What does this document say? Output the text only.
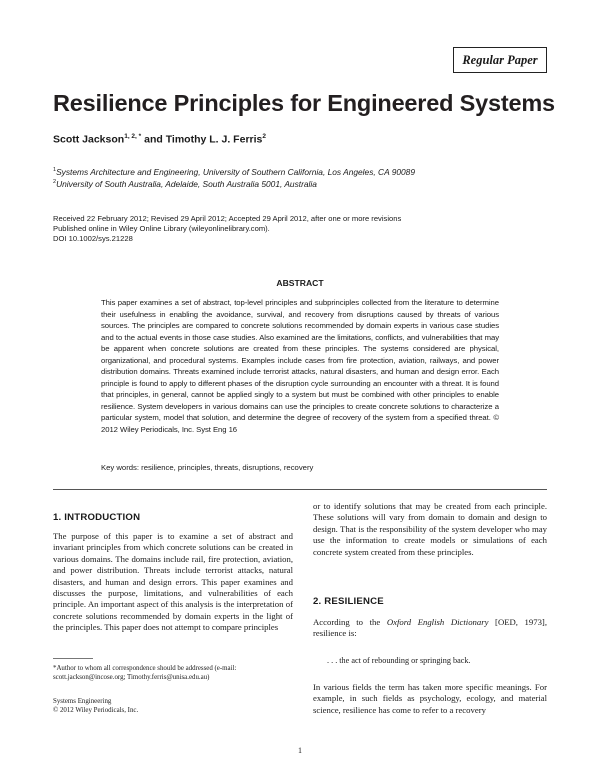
Regular Paper
Resilience Principles for Engineered Systems
Scott Jackson$^{1, 2, *}$ and Timothy L. J. Ferris$^2$
$^1$Systems Architecture and Engineering, University of Southern California, Los Angeles, CA 90089
$^2$University of South Australia, Adelaide, South Australia 5001, Australia
Received 22 February 2012; Revised 29 April 2012; Accepted 29 April 2012, after one or more revisions
Published online in Wiley Online Library (wileyonlinelibrary.com).
DOI 10.1002/sys.21228
ABSTRACT
This paper examines a set of abstract, top-level principles and subprinciples collected from the literature to determine their usefulness in enabling the avoidance, survival, and recovery from disruptions caused by threats of various sources. The principles are compared to concrete solutions recommended by domain experts in various case studies and to the actual events in those case studies. Also examined are the limitations, conflicts, and vulnerabilities that may be apparent when concrete solutions are created from these principles. The systems considered are physical, organizational, and procedural systems. Examples include cases from fire protection, aviation, railways, and power distribution domains. Threats examined include terrorist attacks, natural disasters, and human and design error. Each principle is found to apply to different phases of the disruption cycle surrounding an encounter with a threat. It is found that principles, in general, cannot be applied singly to a system but must be combined with other principles to enable resilience. System developers in various domains can use the principles to create concrete solutions to characterize a particular system, model that solution, and determine the degree of recovery of the system from a specified threat. © 2012 Wiley Periodicals, Inc. Syst Eng 16
Key words: resilience, principles, threats, disruptions, recovery
1. INTRODUCTION

The purpose of this paper is to examine a set of abstract and invariant principles from which concrete solutions can be created in various domains. The domains include rail, fire protection, aviation, and power distribution. Threats include terrorist attacks, natural disasters, and human and design errors. This paper examines and discusses the purpose, limitations, and vulnerabilities of each principle. An important aspect of this analysis is the interpretation of concrete solutions recommended by domain experts in the light of the principles. This paper does not attempt to compare principles

*Author to whom all correspondence should be addressed (e-mail: scott.jackson@incose.org; Timothy.ferris@unisa.edu.au)
Systems Engineering
© 2012 Wiley Periodicals, Inc.

or to identify solutions that may be created from each principle. These solutions will vary from domain to domain and design to design. That is the responsibility of the system developer who may use the information to create models or simulations of each concrete system created from these principles.

2. RESILIENCE

According to the Oxford English Dictionary [OED, 1973], resilience is:

. . . the act of rebounding or springing back.

In various fields the term has taken more specific meanings. For example, in such fields as psychology, ecology, and material science, resilience has come to refer to a recovery

1
